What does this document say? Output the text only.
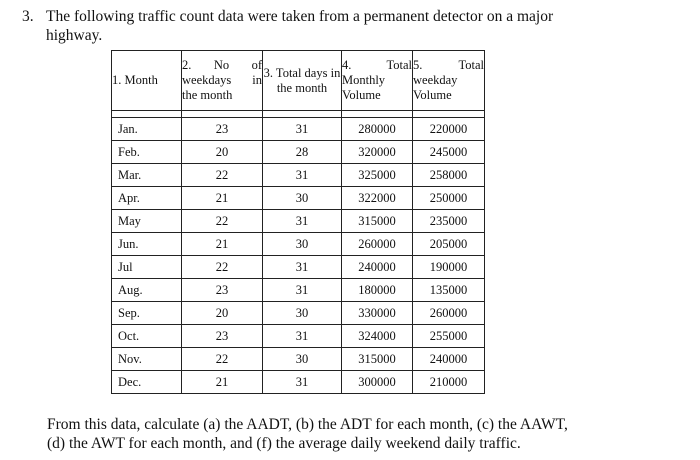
3. The following traffic count data were taken from a permanent detector on a major
highway.
1. Month	2. No of weekdays in the month	3. Total days in the month	4. Total Monthly Volume	5. Total weekday Volume

Jan.	23	31	280000	220000
Feb.	20	28	320000	245000
Mar.	22	31	325000	258000
Apr.	21	30	322000	250000
May	22	31	315000	235000
Jun.	21	30	260000	205000
Jul	22	31	240000	190000
Aug.	23	31	180000	135000
Sep.	20	30	330000	260000
Oct.	23	31	324000	255000
Nov.	22	30	315000	240000
Dec.	21	31	300000	210000
From this data, calculate (a) the AADT, (b) the ADT for each month, (c) the AAWT,
(d) the AWT for each month, and (f) the average daily weekend daily traffic.
